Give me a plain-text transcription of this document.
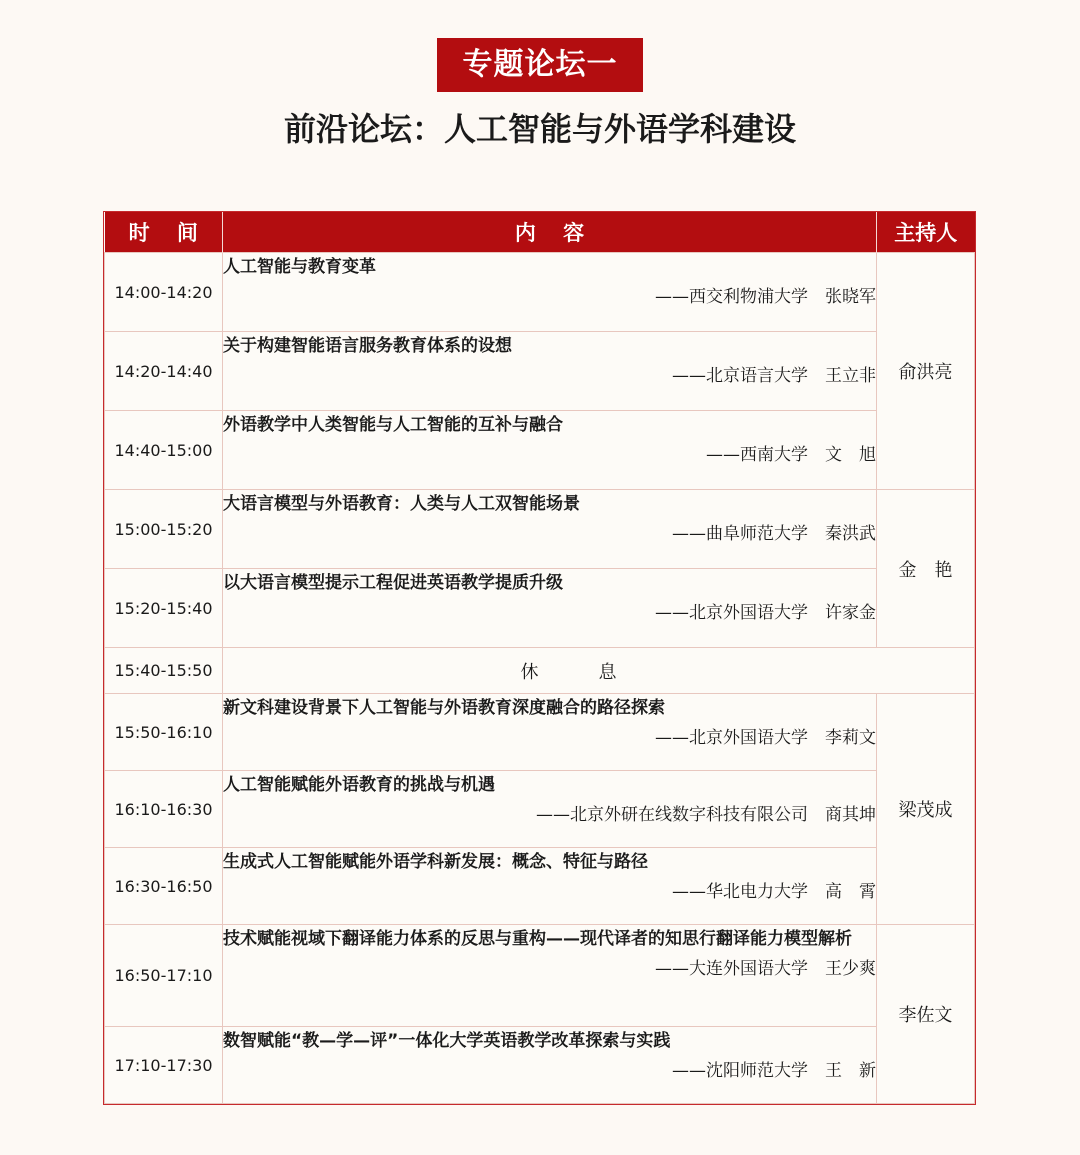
专题论坛一
前沿论坛：人工智能与外语学科建设
时 间	内 容	主持人
14:00-14:20	人工智能与教育变革
——西交利物浦大学　张晓军	俞洪亮
14:20-14:40	关于构建智能语言服务教育体系的设想
——北京语言大学　王立非	

14:40-15:00	外语教学中人类智能与人工智能的互补与融合
——西南大学　文　旭	

15:00-15:20	大语言模型与外语教育：人类与人工双智能场景
——曲阜师范大学　秦洪武	金　艳
15:20-15:40	以大语言模型提示工程促进英语教学提质升级
——北京外国语大学　许家金	

15:40-15:50	休息	
15:50-16:10	新文科建设背景下人工智能与外语教育深度融合的路径探索
——北京外国语大学　李莉文	梁茂成
16:10-16:30	人工智能赋能外语教育的挑战与机遇
——北京外研在线数字科技有限公司　商其坤	

16:30-16:50	生成式人工智能赋能外语学科新发展：概念、特征与路径
——华北电力大学　高　霄	

16:50-17:10	技术赋能视域下翻译能力体系的反思与重构——现代译者的知思行翻译能力模型解析
——大连外国语大学　王少爽	李佐文
17:10-17:30	数智赋能“教—学—评”一体化大学英语教学改革探索与实践
——沈阳师范大学　王　新	
